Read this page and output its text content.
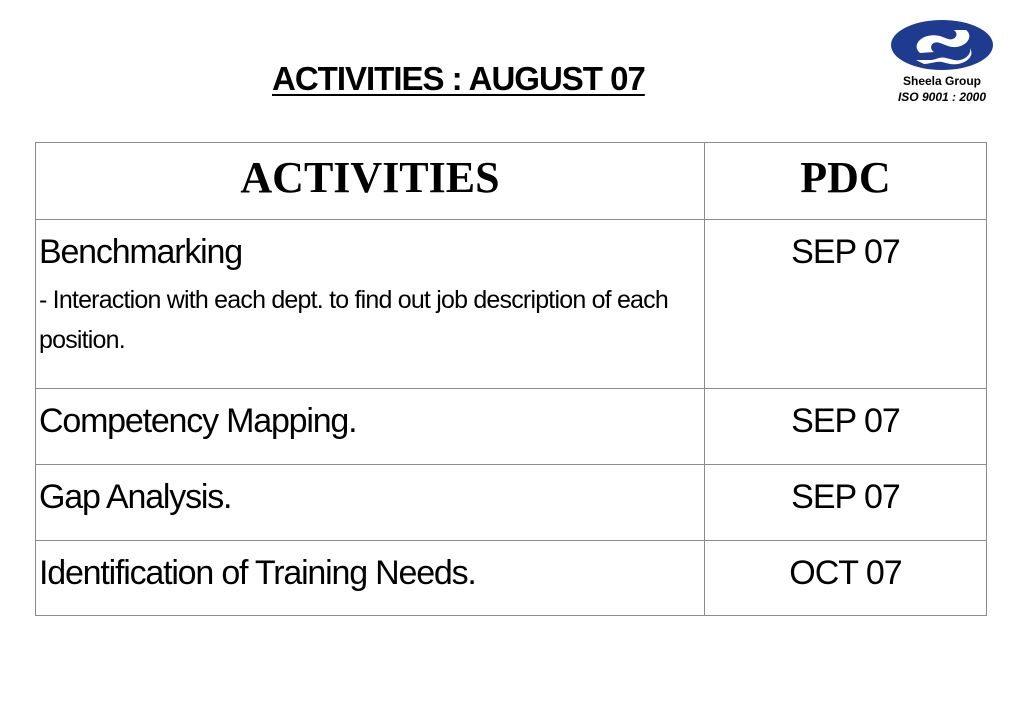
ACTIVITIES : AUGUST 07	Sheela Group
ISO 9001 : 2000
ACTIVITIES	PDC

Benchmarking
- Interaction with each dept. to find out job description of each position.	SEP 07

Competency Mapping.	SEP 07

Gap Analysis.	SEP 07

Identification of Training Needs.	OCT 07
